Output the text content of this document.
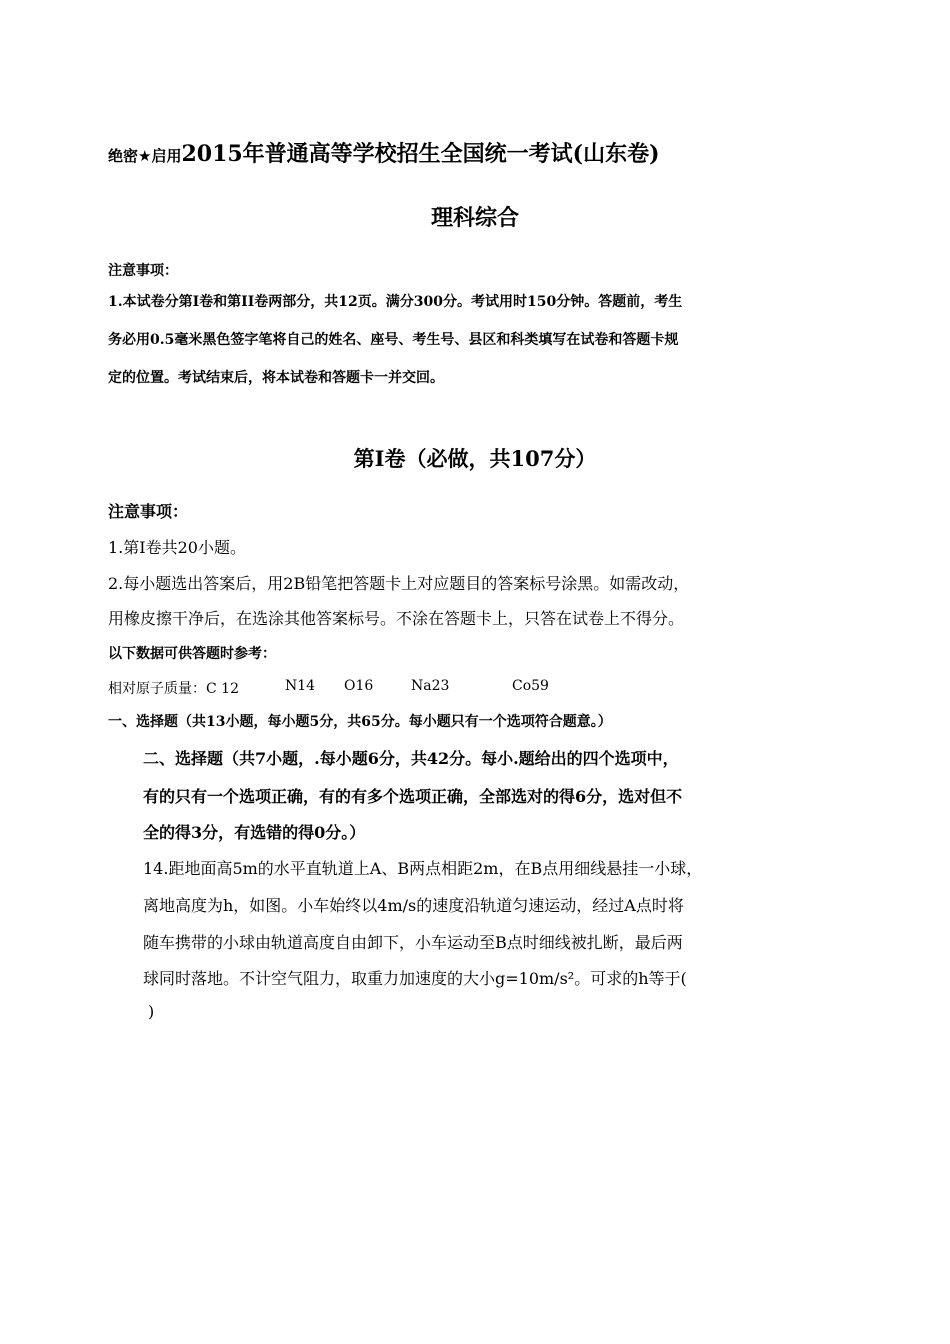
绝密★启用2015年普通高等学校招生全国统一考试(山东卷)
理科综合
注意事项：
1.本试卷分第I卷和第II卷两部分，共12页。满分300分。考试用时150分钟。答题前，考生
务必用0.5毫米黑色签字笔将自己的姓名、座号、考生号、县区和科类填写在试卷和答题卡规
定的位置。考试结束后，将本试卷和答题卡一并交回。
第Ⅰ卷（必做，共107分）
注意事项：
1.第Ⅰ卷共20小题。
2.每小题选出答案后，用2B铅笔把答题卡上对应题目的答案标号涂黑。如需改动，
用橡皮擦干净后，在选涂其他答案标号。不涂在答题卡上，只答在试卷上不得分。
以下数据可供答题时参考：
相对原子质量：C 12	N14 O16	Na23	Co59
一、选择题（共13小题，每小题5分，共65分。每小题只有一个选项符合题意。）
二、选择题（共7小题，.每小题6分，共42分。每小.题给出的四个选项中，
有的只有一个选项正确，有的有多个选项正确，全部选对的得6分，选对但不
全的得3分，有选错的得0分。）
14.距地面高5m的水平直轨道上A、B两点相距2m，在B点用细线悬挂一小球，
离地高度为h，如图。小车始终以4m/s的速度沿轨道匀速运动，经过A点时将
随车携带的小球由轨道高度自由卸下，小车运动至B点时细线被扎断，最后两
球同时落地。不计空气阻力，取重力加速度的大小g=10m/s²。可求的h等于(
)
